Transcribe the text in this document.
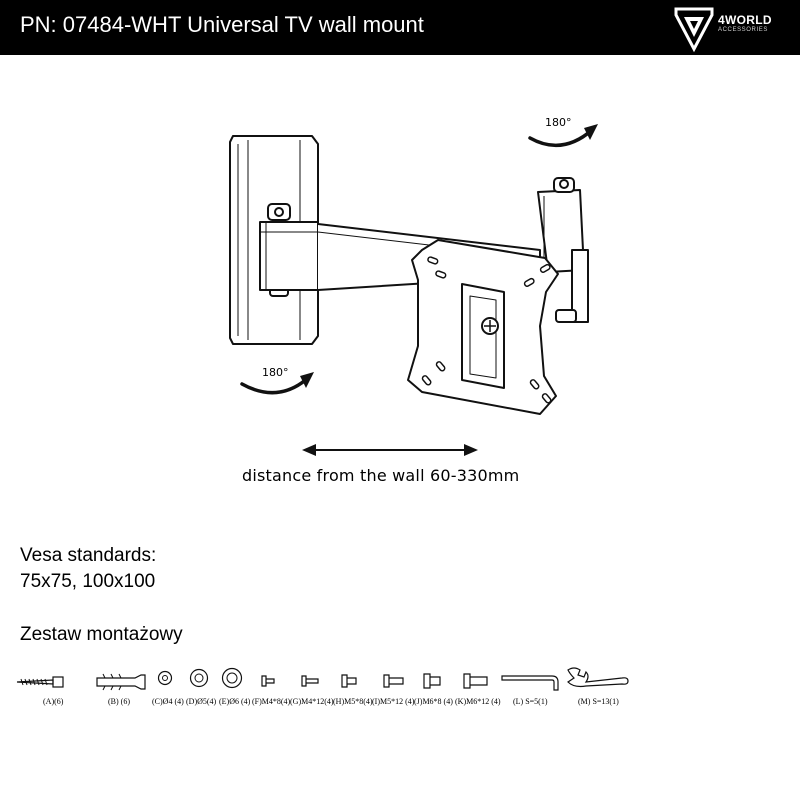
PN: 07484-WHT Universal TV wall mount	4WORLD
ACCESSORIES
180°
180°
distance from the wall 60-330mm
Vesa standards:
75x75, 100x100
Zestaw montażowy
(A)(6)	(B) (6)	(C)Ø4 (4) (D)Ø5(4) (E)Ø6 (4) (F)M4*8(4) (G)M4*12(4) (H)M5*8(4) (I)M5*12 (4) (J)M6*8 (4) (K)M6*12 (4) (L) S=5(1)	(M) S=13(1)
